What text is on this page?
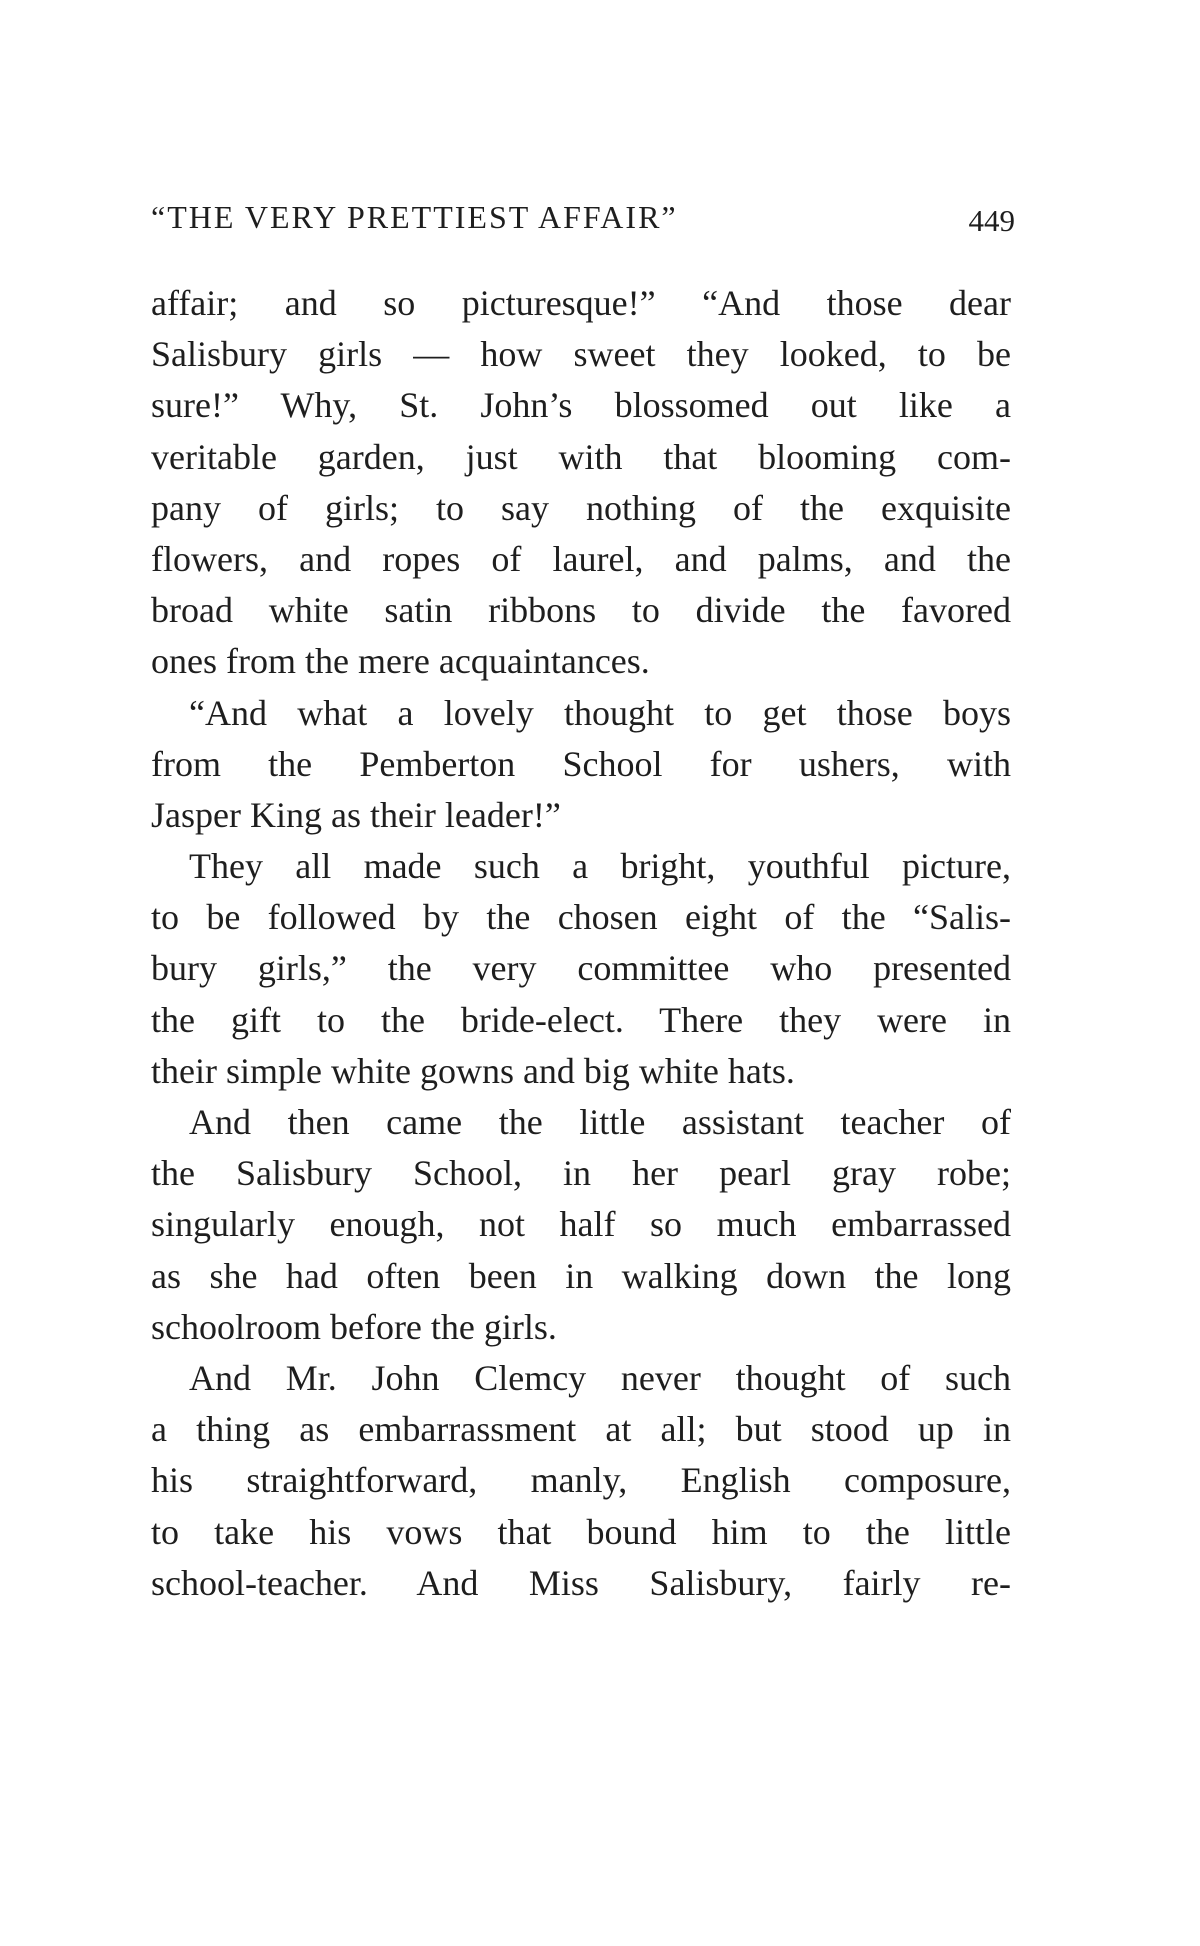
“THE VERY PRETTIEST AFFAIR”	449
affair; and so picturesque!” “And those dear
Salisbury girls — how sweet they looked, to be
sure!” Why, St. John’s blossomed out like a
veritable garden, just with that blooming com-
pany of girls; to say nothing of the exquisite
flowers, and ropes of laurel, and palms, and the
broad white satin ribbons to divide the favored
ones from the mere acquaintances.
“And what a lovely thought to get those boys
from the Pemberton School for ushers, with
Jasper King as their leader!”
They all made such a bright, youthful picture,
to be followed by the chosen eight of the “Salis-
bury girls,” the very committee who presented
the gift to the bride-elect. There they were in
their simple white gowns and big white hats.
And then came the little assistant teacher of
the Salisbury School, in her pearl gray robe;
singularly enough, not half so much embarrassed
as she had often been in walking down the long
schoolroom before the girls.
And Mr. John Clemcy never thought of such
a thing as embarrassment at all; but stood up in
his straightforward, manly, English composure,
to take his vows that bound him to the little
school-teacher. And Miss Salisbury, fairly re-
